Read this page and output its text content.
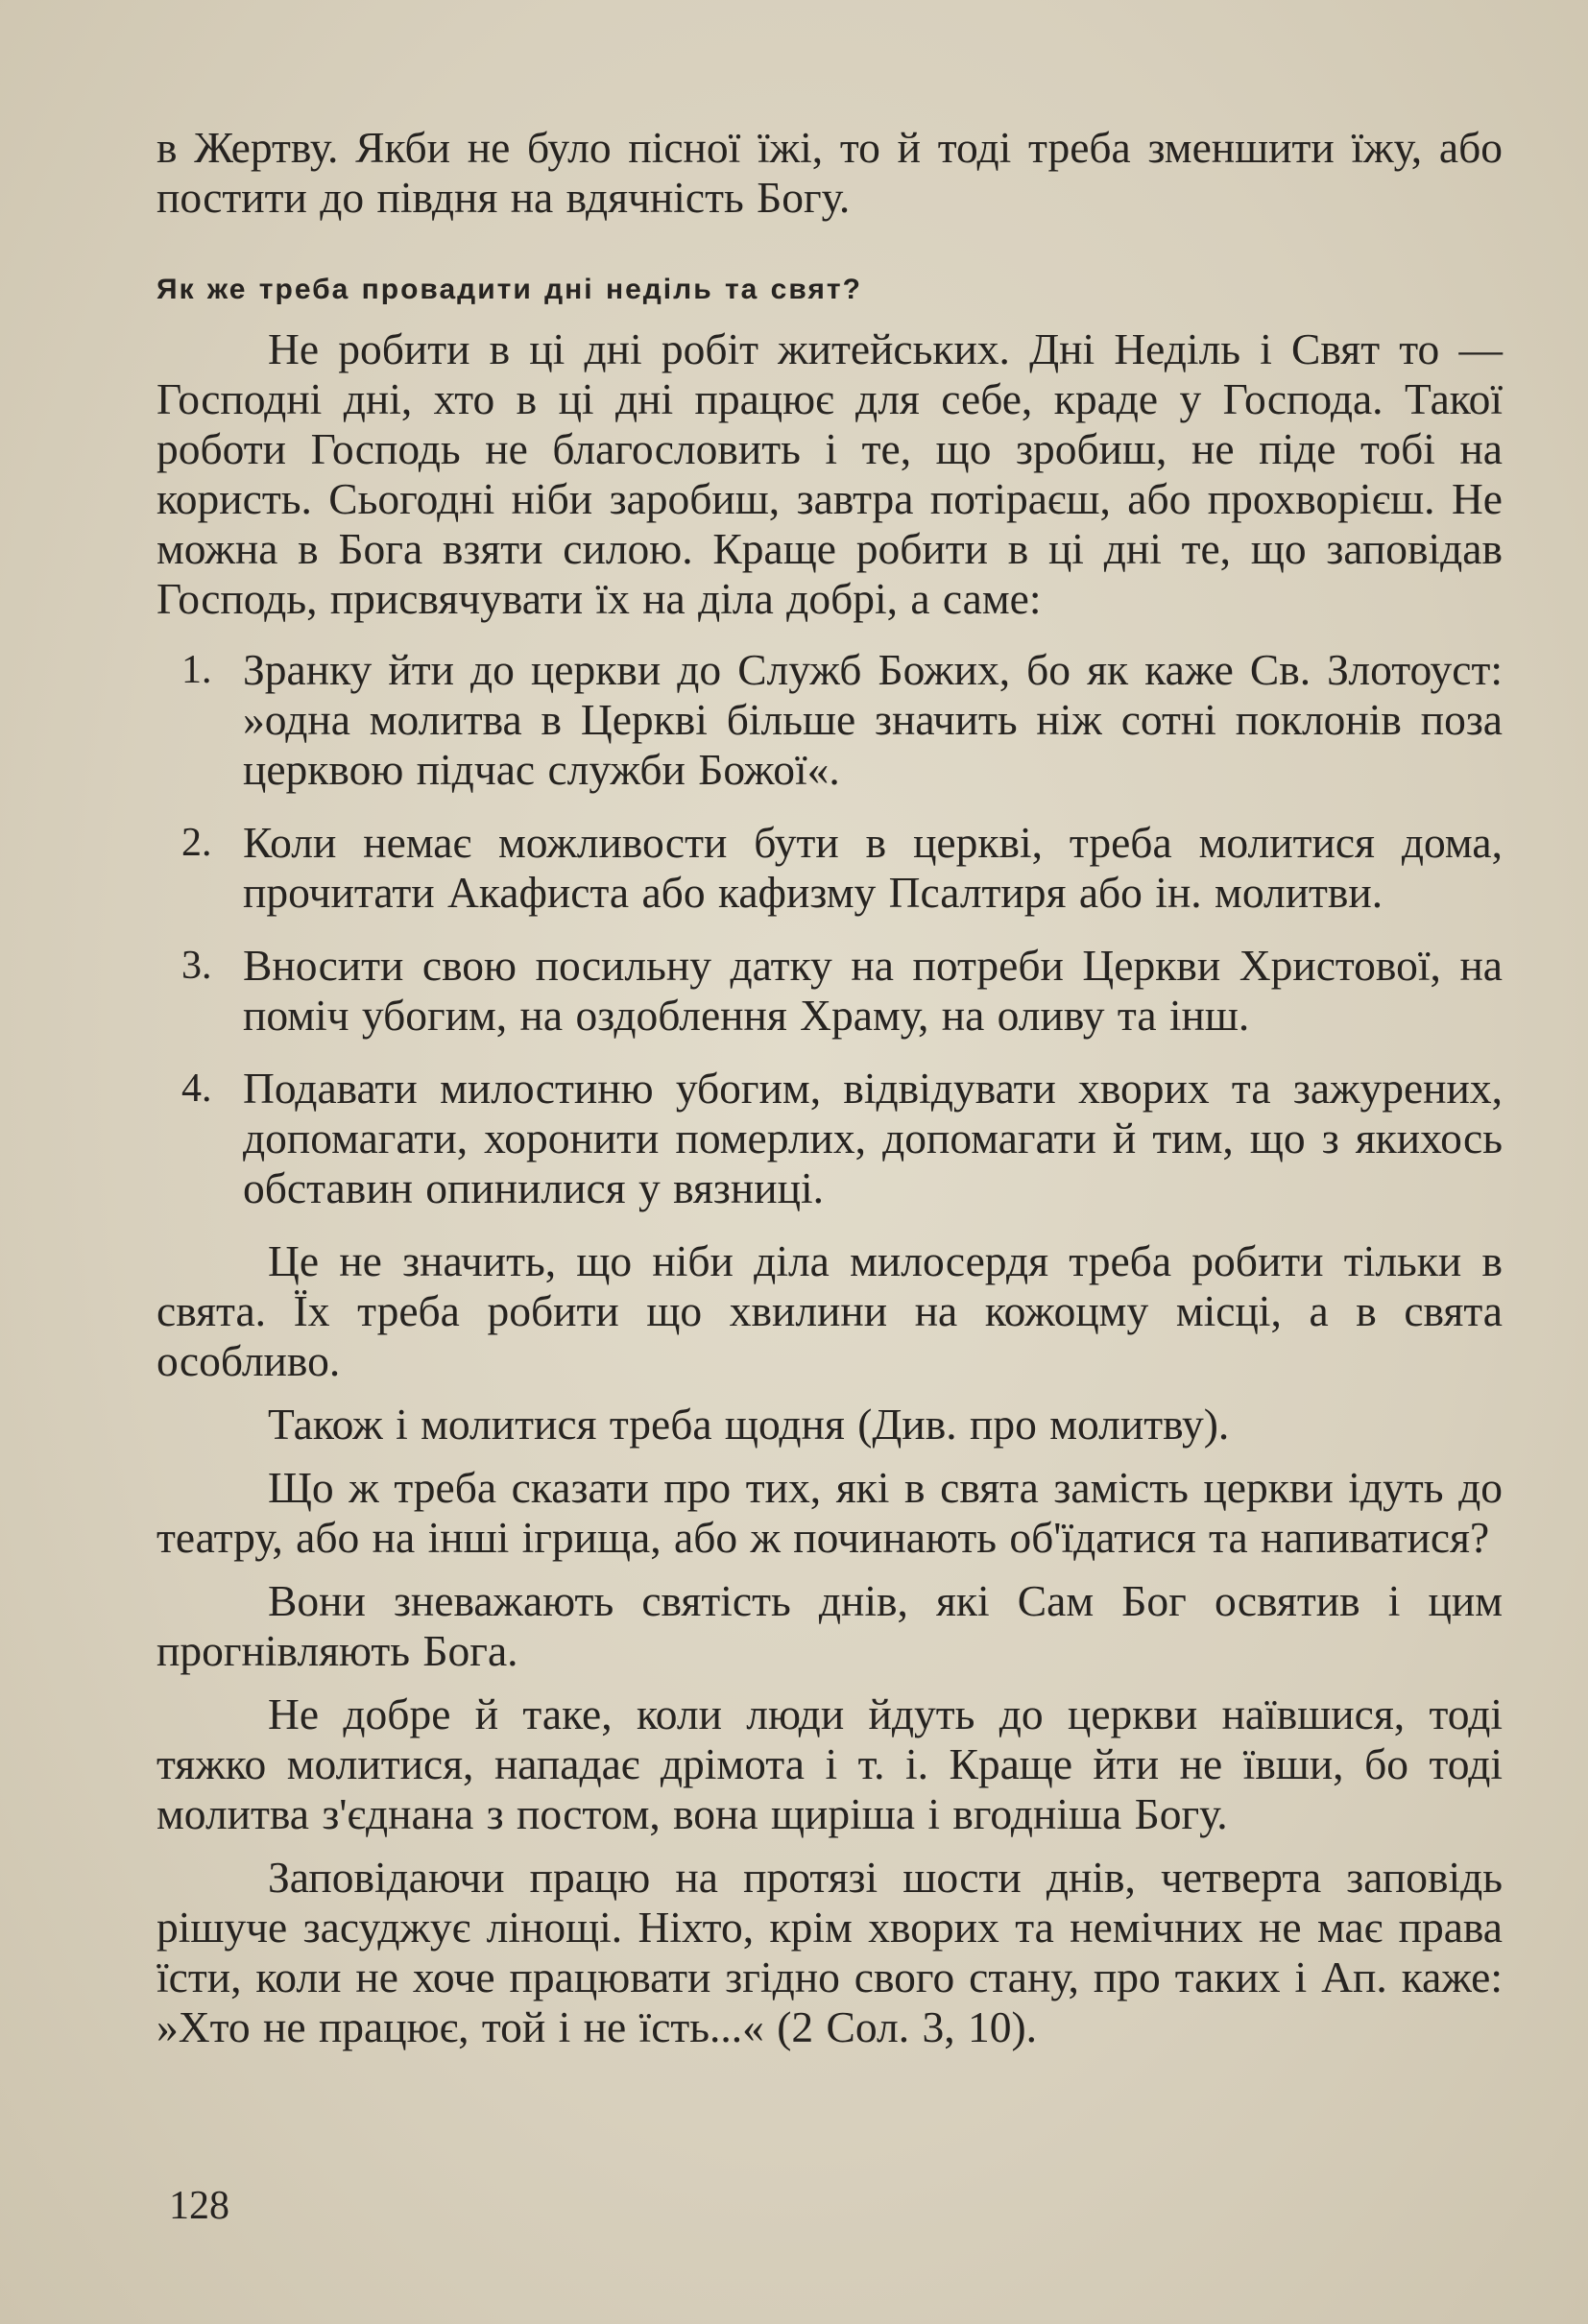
в Жертву. Якби не було пісної їжі, то й тоді треба зменшити їжу, або постити до півдня на вдячність Богу.

Як же треба провадити дні неділь та свят?

Не робити в ці дні робіт житейських. Дні Неділь і Свят то — Господні дні, хто в ці дні працює для себе, краде у Господа. Такої роботи Господь не благословить і те, що зробиш, не піде тобі на користь. Сьогодні ніби заробиш, завтра потіраєш, або прохворієш. Не можна в Бога взяти силою. Краще робити в ці дні те, що заповідав Господь, присвячувати їх на діла добрі, а саме:

1. Зранку йти до церкви до Служб Божих, бо як каже Св. Злотоуст: »одна молитва в Церкві більше значить ніж сотні поклонів поза церквою підчас служби Божої«.

2. Коли немає можливости бути в церкві, треба молитися дома, прочитати Акафиста або кафизму Псалтиря або ін. молитви.

3. Вносити свою посильну датку на потреби Церкви Христової, на поміч убогим, на оздоблення Храму, на оливу та інш.

4. Подавати милостиню убогим, відвідувати хворих та зажурених, допомагати, хоронити померлих, допомагати й тим, що з якихось обставин опинилися у вязниці.

Це не значить, що ніби діла милосердя треба робити тільки в свята. Їх треба робити що хвилини на кожоцму місці, а в свята особливо.

Також і молитися треба щодня (Див. про молитву).

Що ж треба сказати про тих, які в свята замість церкви ідуть до театру, або на інші ігрища, або ж починають об'їдатися та напиватися?

Вони зневажають святість днів, які Сам Бог освятив і цим прогнівляють Бога.

Не добре й таке, коли люди йдуть до церкви наївшися, тоді тяжко молитися, нападає дрімота і т. і. Краще йти не ївши, бо тоді молитва з'єднана з постом, вона щиріша і вгодніша Богу.

Заповідаючи працю на протязі шости днів, четверта заповідь рішуче засуджує лінощі. Ніхто, крім хворих та немічних не має права їсти, коли не хоче працювати згідно свого стану, про таких і Ап. каже: »Хто не працює, той і не їсть...« (2 Сол. 3, 10).

128
